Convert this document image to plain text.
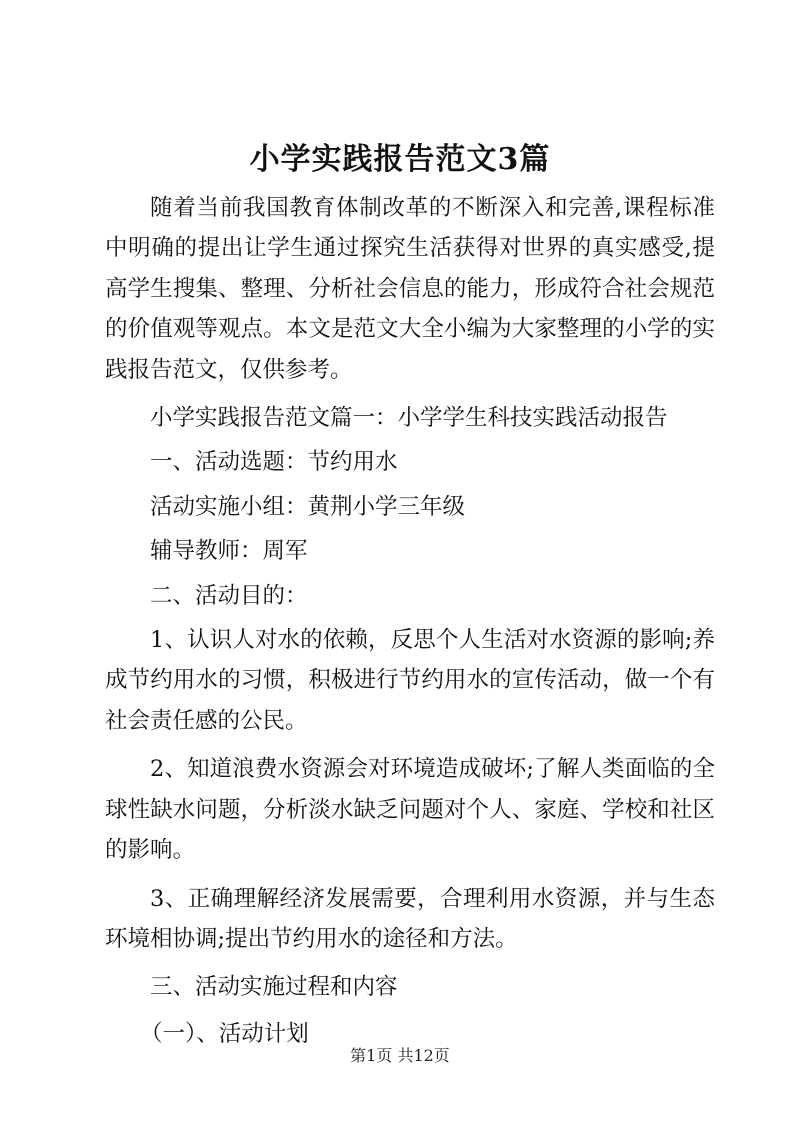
小学实践报告范文3篇

随着当前我国教育体制改革的不断深入和完善,课程标准中明确的提出让学生通过探究生活获得对世界的真实感受,提高学生搜集、整理、分析社会信息的能力，形成符合社会规范的价值观等观点。本文是范文大全小编为大家整理的小学的实践报告范文，仅供参考。

小学实践报告范文篇一：小学学生科技实践活动报告

一、活动选题：节约用水

活动实施小组：黄荆小学三年级

辅导教师：周军

二、活动目的：

1、认识人对水的依赖，反思个人生活对水资源的影响;养成节约用水的习惯，积极进行节约用水的宣传活动，做一个有社会责任感的公民。

2、知道浪费水资源会对环境造成破坏;了解人类面临的全球性缺水问题，分析淡水缺乏问题对个人、家庭、学校和社区的影响。

3、正确理解经济发展需要，合理利用水资源，并与生态环境相协调;提出节约用水的途径和方法。

三、活动实施过程和内容

（一）、活动计划

第1页 共12页
